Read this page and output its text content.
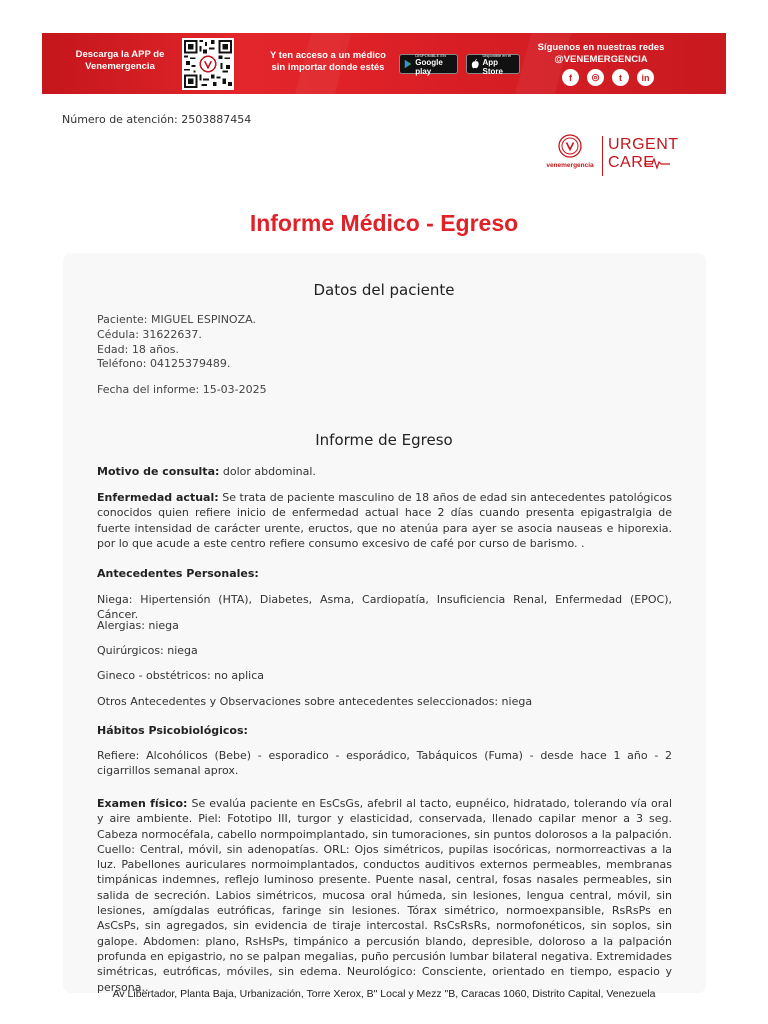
Descarga la APP de
Venemergencia
Y ten acceso a un médico
sin importar donde estés
DISPONIBLE EN
Google play
Disponible en el
App Store
Síguenos en nuestras redes
@VENEMERGENCIA
f	◎	t	in
Número de atención: 2503887454
venemergencia
URGENT
CARE
Informe Médico - Egreso
Datos del paciente
Paciente: MIGUEL ESPINOZA.
Cédula: 31622637.
Edad: 18 años.
Teléfono: 04125379489.
Fecha del informe: 15-03-2025
Informe de Egreso
Motivo de consulta: dolor abdominal.
Enfermedad actual: Se trata de paciente masculino de 18 años de edad sin antecedentes patológicos conocidos quien refiere inicio de enfermedad actual hace 2 días cuando presenta epigastralgia de fuerte intensidad de carácter urente, eructos, que no atenúa para ayer se asocia nauseas e hiporexia. por lo que acude a este centro refiere consumo excesivo de café por curso de barismo. .
Antecedentes Personales:
Niega: Hipertensión (HTA), Diabetes, Asma, Cardiopatía, Insuficiencia Renal, Enfermedad (EPOC), Cáncer.
Alergias: niega
Quirúrgicos: niega
Gineco - obstétricos: no aplica
Otros Antecedentes y Observaciones sobre antecedentes seleccionados: niega
Hábitos Psicobiológicos:
Refiere: Alcohólicos (Bebe) - esporadico - esporádico, Tabáquicos (Fuma) - desde hace 1 año - 2 cigarrillos semanal aprox.
Examen físico: Se evalúa paciente en EsCsGs, afebril al tacto, eupnéico, hidratado, tolerando vía oral y aire ambiente. Piel: Fototipo III, turgor y elasticidad, conservada, llenado capilar menor a 3 seg. Cabeza normocéfala, cabello normpoimplantado, sin tumoraciones, sin puntos dolorosos a la palpación. Cuello: Central, móvil, sin adenopatías. ORL: Ojos simétricos, pupilas isocóricas, normorreactivas a la luz. Pabellones auriculares normoimplantados, conductos auditivos externos permeables, membranas timpánicas indemnes, reflejo luminoso presente. Puente nasal, central, fosas nasales permeables, sin salida de secreción. Labios simétricos, mucosa oral húmeda, sin lesiones, lengua central, móvil, sin lesiones, amígdalas eutróficas, faringe sin lesiones. Tórax simétrico, normoexpansible, RsRsPs en AsCsPs, sin agregados, sin evidencia de tiraje intercostal. RsCsRsRs, normofonéticos, sin soplos, sin galope. Abdomen: plano, RsHsPs, timpánico a percusión blando, depresible, doloroso a la palpación profunda en epigastrio, no se palpan megalias, puño percusión lumbar bilateral negativa. Extremidades simétricas, eutróficas, móviles, sin edema. Neurológico: Consciente, orientado en tiempo, espacio y persona..
Av Libertador, Planta Baja, Urbanización, Torre Xerox, B" Local y Mezz "B, Caracas 1060, Distrito Capital, Venezuela
